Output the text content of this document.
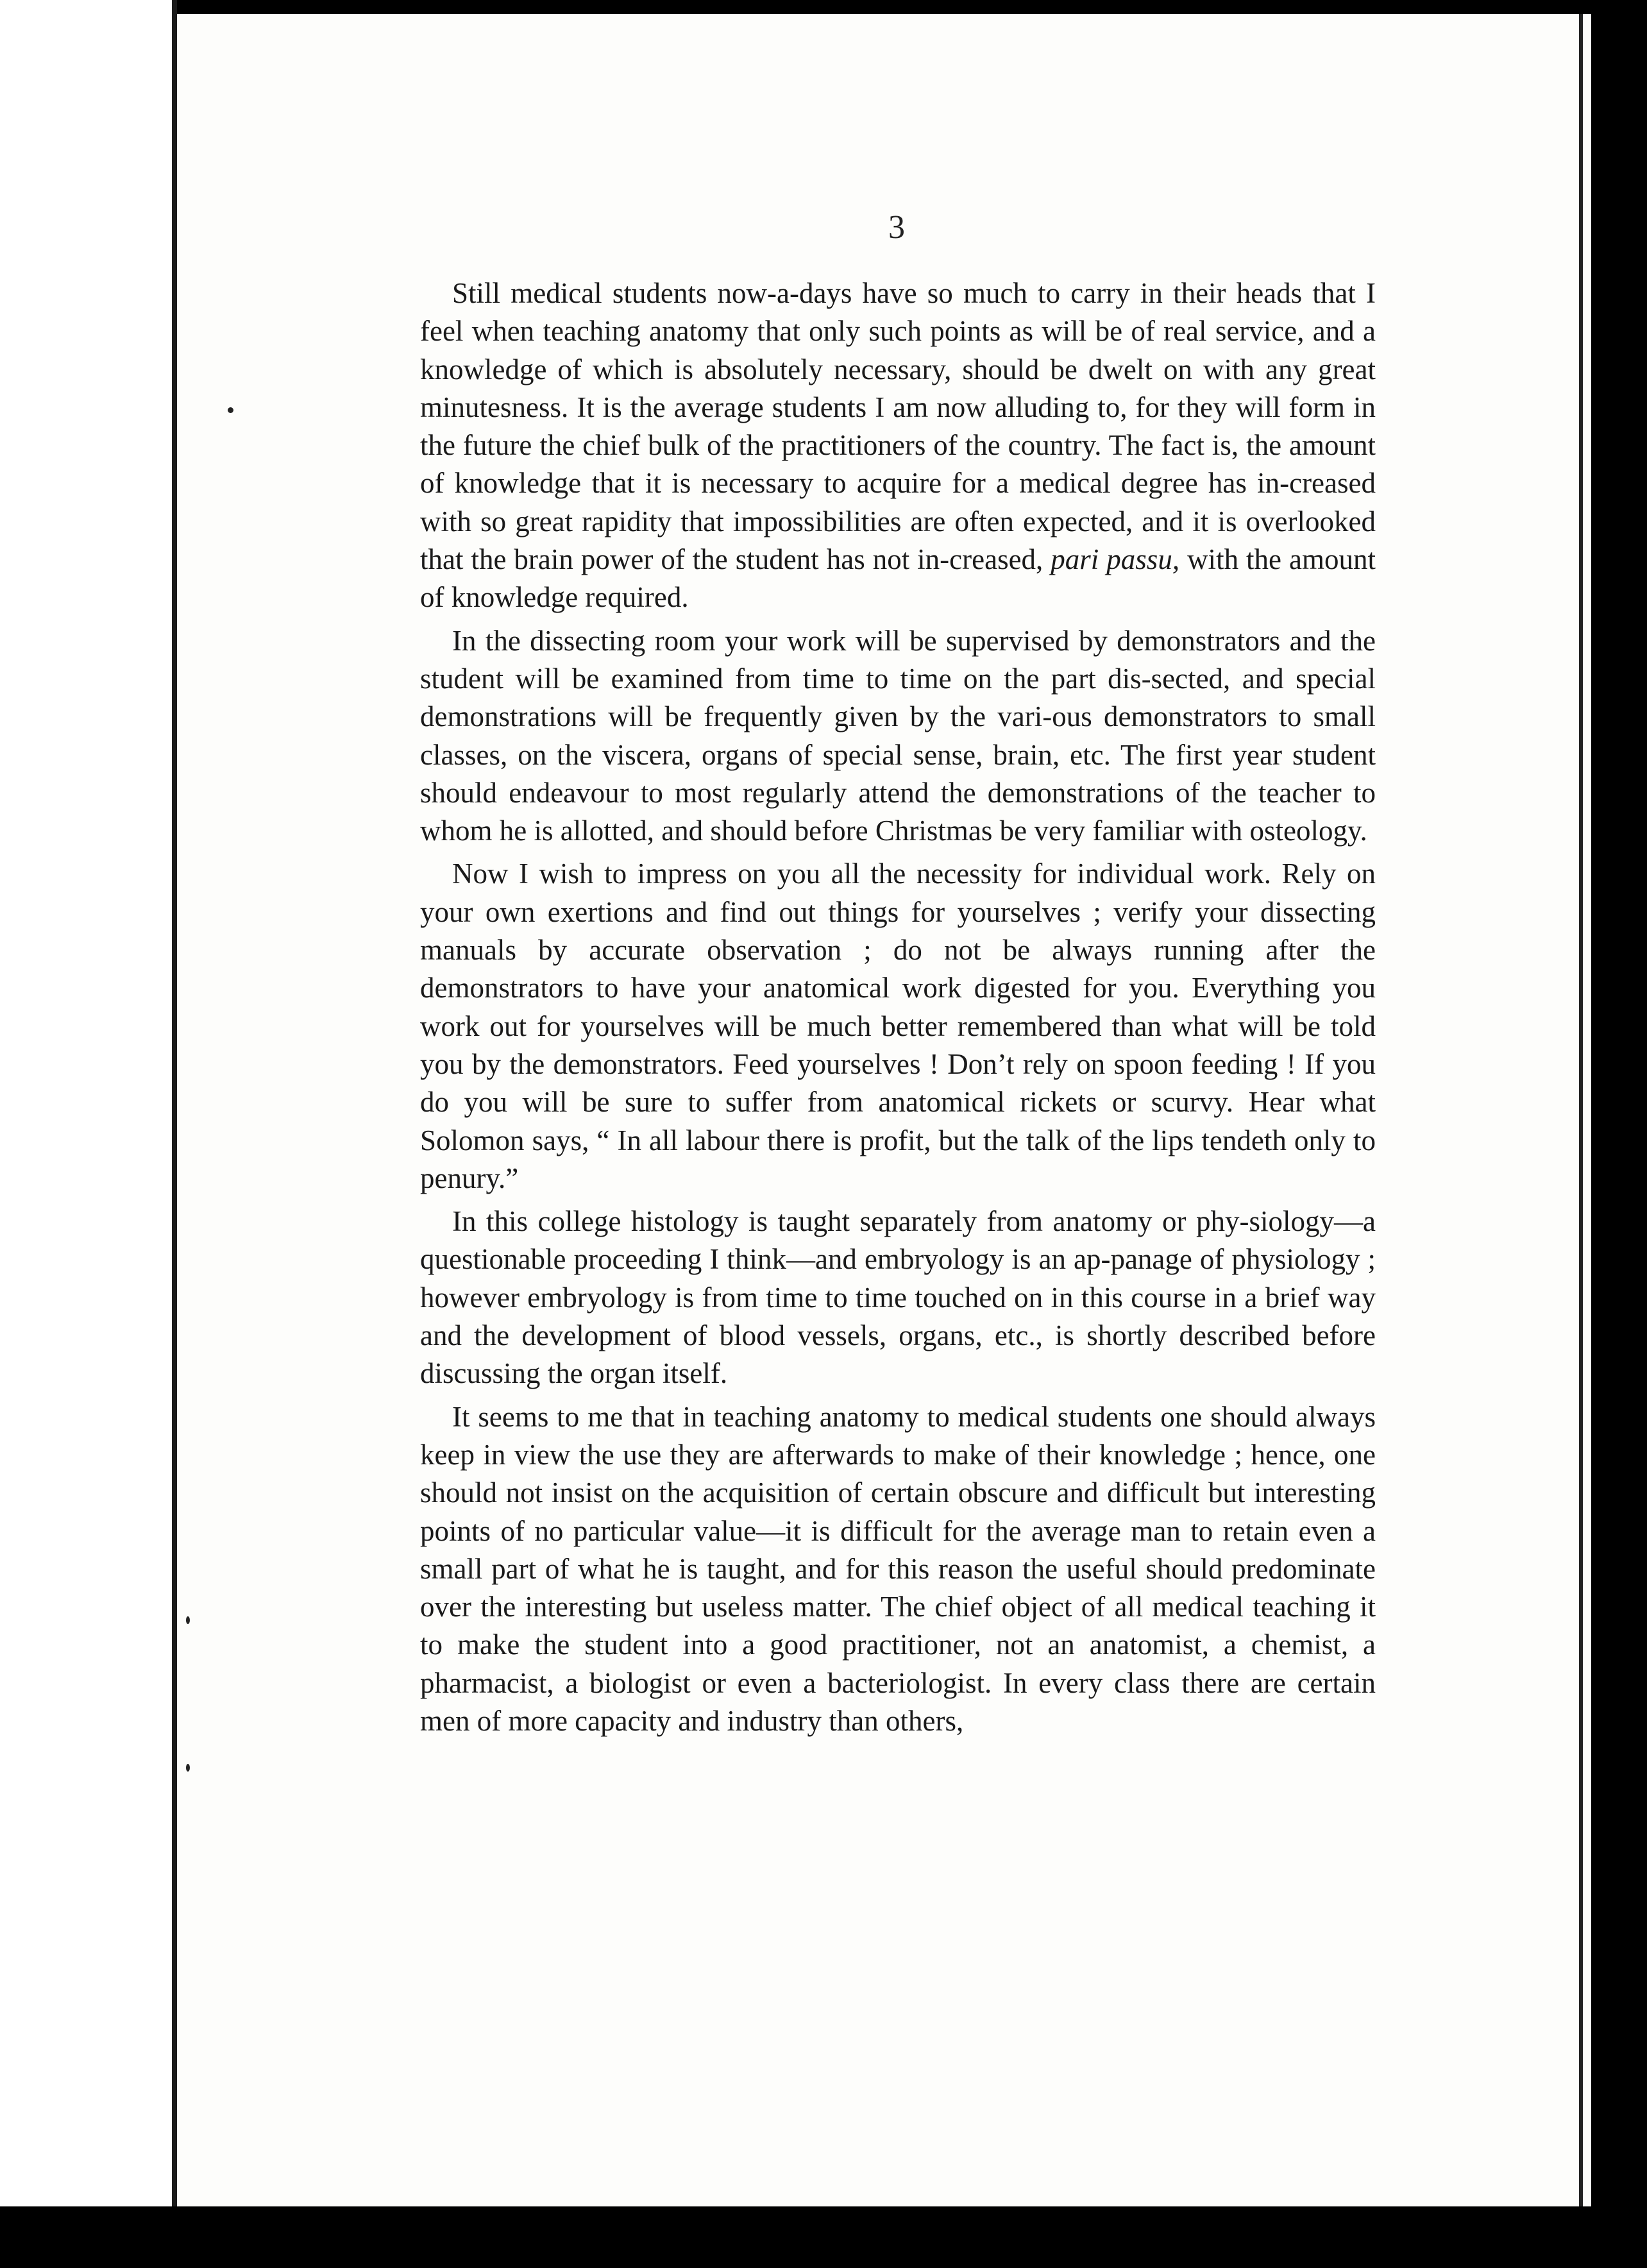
3

Still medical students now-a-days have so much to carry in their heads that I feel when teaching anatomy that only such points as will be of real service, and a knowledge of which is absolutely necessary, should be dwelt on with any great minutesness. It is the average students I am now alluding to, for they will form in the future the chief bulk of the practitioners of the country. The fact is, the amount of knowledge that it is necessary to acquire for a medical degree has in-creased with so great rapidity that impossibilities are often expected, and it is overlooked that the brain power of the student has not in-creased, pari passu, with the amount of knowledge required.

In the dissecting room your work will be supervised by demonstrators and the student will be examined from time to time on the part dis-sected, and special demonstrations will be frequently given by the vari-ous demonstrators to small classes, on the viscera, organs of special sense, brain, etc. The first year student should endeavour to most regularly attend the demonstrations of the teacher to whom he is allotted, and should before Christmas be very familiar with osteology.

Now I wish to impress on you all the necessity for individual work. Rely on your own exertions and find out things for yourselves ; verify your dissecting manuals by accurate observation ; do not be always running after the demonstrators to have your anatomical work digested for you. Everything you work out for yourselves will be much better remembered than what will be told you by the demonstrators. Feed yourselves ! Don’t rely on spoon feeding ! If you do you will be sure to suffer from anatomical rickets or scurvy. Hear what Solomon says, “ In all labour there is profit, but the talk of the lips tendeth only to penury.”

In this college histology is taught separately from anatomy or phy-siology—a questionable proceeding I think—and embryology is an ap-panage of physiology ; however embryology is from time to time touched on in this course in a brief way and the development of blood vessels, organs, etc., is shortly described before discussing the organ itself.

It seems to me that in teaching anatomy to medical students one should always keep in view the use they are afterwards to make of their knowledge ; hence, one should not insist on the acquisition of certain obscure and difficult but interesting points of no particular value—it is difficult for the average man to retain even a small part of what he is taught, and for this reason the useful should predominate over the interesting but useless matter. The chief object of all medical teaching it to make the student into a good practitioner, not an anatomist, a chemist, a pharmacist, a biologist or even a bacteriologist. In every class there are certain men of more capacity and industry than others,
